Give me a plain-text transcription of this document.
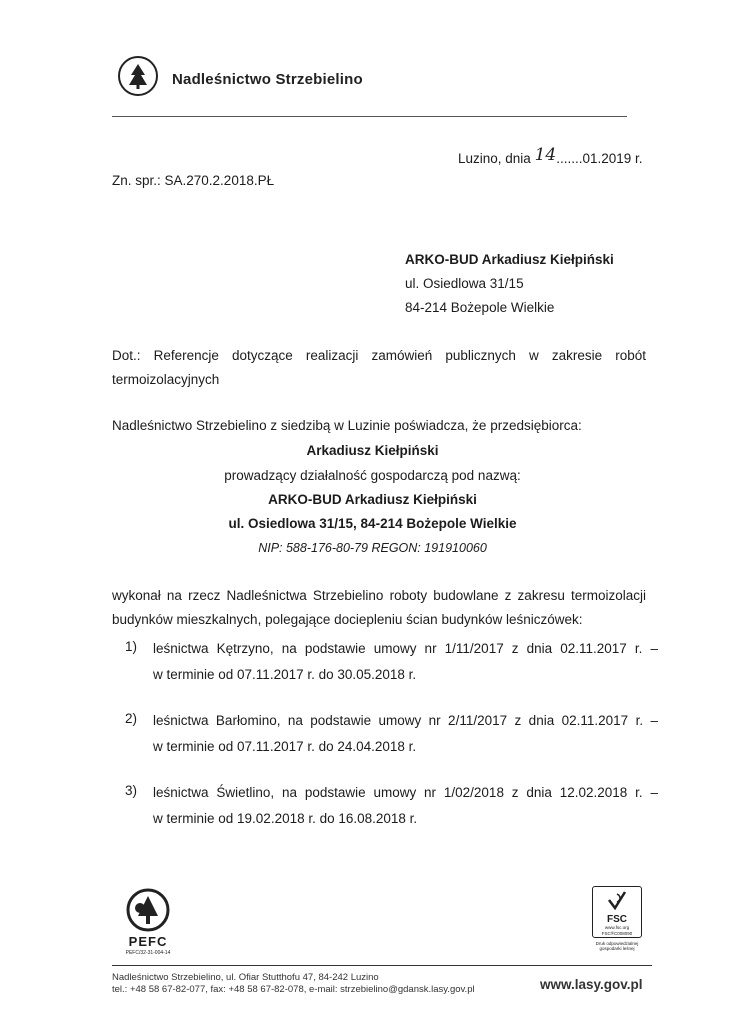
Nadleśnictwo Strzebielino
Luzino, dnia 14.......01.2019 r.
Zn. spr.: SA.270.2.2018.PŁ
ARKO-BUD Arkadiusz Kiełpiński
ul. Osiedlowa 31/15
84-214 Bożepole Wielkie
Dot.: Referencje dotyczące realizacji zamówień publicznych w zakresie robót
termoizolacyjnych
Nadleśnictwo Strzebielino z siedzibą w Luzinie poświadcza, że przedsiębiorca:
Arkadiusz Kiełpiński
prowadzący działalność gospodarczą pod nazwą:
ARKO-BUD Arkadiusz Kiełpiński
ul. Osiedlowa 31/15, 84-214 Bożepole Wielkie
NIP: 588-176-80-79 REGON: 191910060
wykonał na rzecz Nadleśnictwa Strzebielino roboty budowlane z zakresu termoizolacji
budynków mieszkalnych, polegające dociepleniu ścian budynków leśniczówek:
1) leśnictwa Kętrzyno, na podstawie umowy nr 1/11/2017 z dnia 02.11.2017 r. –
w terminie od 07.11.2017 r. do 30.05.2018 r.
2) leśnictwa Barłomino, na podstawie umowy nr 2/11/2017 z dnia 02.11.2017 r. –
w terminie od 07.11.2017 r. do 24.04.2018 r.
3) leśnictwa Świetlino, na podstawie umowy nr 1/02/2018 z dnia 12.02.2018 r. –
w terminie od 19.02.2018 r. do 16.08.2018 r.
PEFC
PEFC/32-31-004-14
FSC
www.fsc.org
FSC®C008090
Druk odpowiedzialnej gospodarki leśnej
Nadleśnictwo Strzebielino, ul. Ofiar Stutthofu 47, 84-242 Luzino
tel.: +48 58 67-82-077, fax: +48 58 67-82-078, e-mail: strzebielino@gdansk.lasy.gov.pl	www.lasy.gov.pl
